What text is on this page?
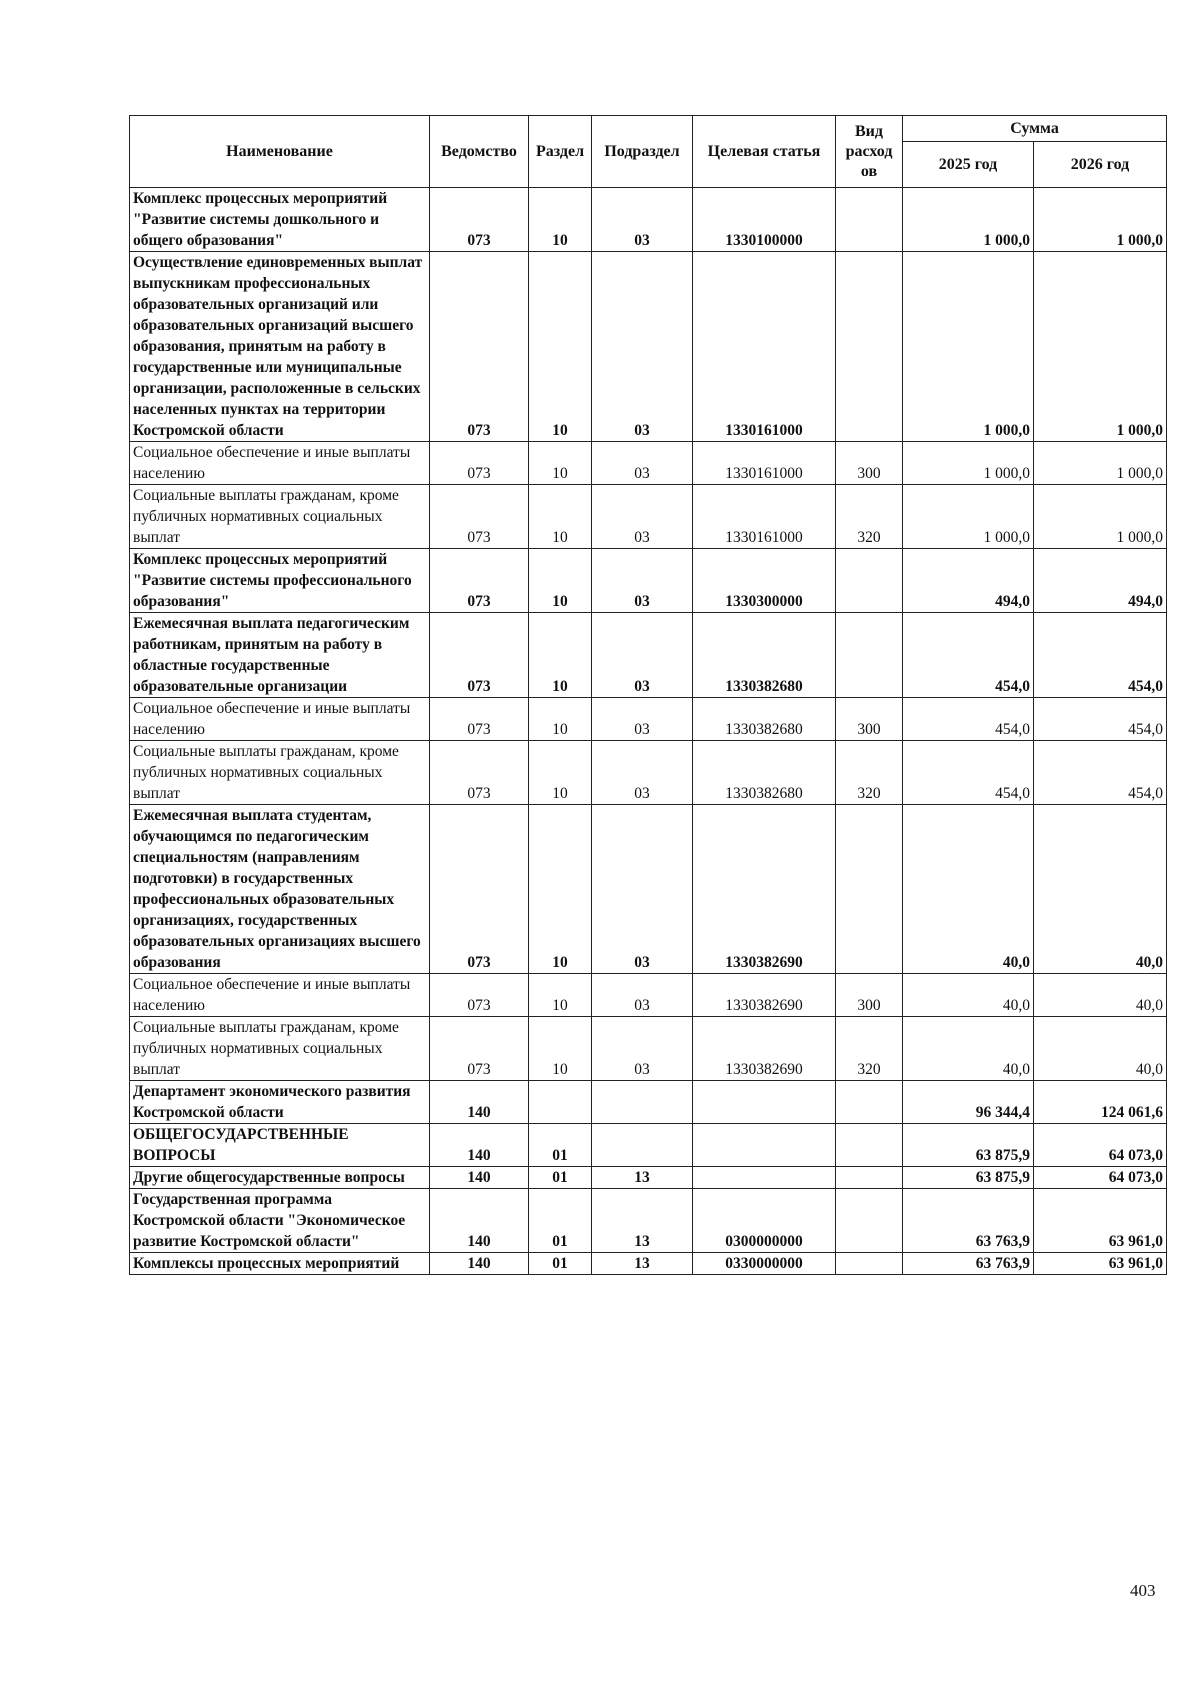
Наименование	Ведомство	Раздел	Подраздел	Целевая статья	Вид расход ов	Сумма	
						2025 год	2026 год
Комплекс процессных мероприятий "Развитие системы дошкольного и общего образования"	073	10	03	1330100000		1 000,0	1 000,0
Осуществление единовременных выплат выпускникам профессиональных образовательных организаций или образовательных организаций высшего образования, принятым на работу в государственные или муниципальные организации, расположенные в сельских населенных пунктах на территории Костромской области	073	10	03	1330161000		1 000,0	1 000,0
Социальное обеспечение и иные выплаты населению	073	10	03	1330161000	300	1 000,0	1 000,0
Социальные выплаты гражданам, кроме публичных нормативных социальных выплат	073	10	03	1330161000	320	1 000,0	1 000,0
Комплекс процессных мероприятий "Развитие системы профессионального образования"	073	10	03	1330300000		494,0	494,0
Ежемесячная выплата педагогическим работникам, принятым на работу в областные государственные образовательные организации	073	10	03	1330382680		454,0	454,0
Социальное обеспечение и иные выплаты населению	073	10	03	1330382680	300	454,0	454,0
Социальные выплаты гражданам, кроме публичных нормативных социальных выплат	073	10	03	1330382680	320	454,0	454,0
Ежемесячная выплата студентам, обучающимся по педагогическим специальностям (направлениям подготовки) в государственных профессиональных образовательных организациях, государственных образовательных организациях высшего образования	073	10	03	1330382690		40,0	40,0
Социальное обеспечение и иные выплаты населению	073	10	03	1330382690	300	40,0	40,0
Социальные выплаты гражданам, кроме публичных нормативных социальных выплат	073	10	03	1330382690	320	40,0	40,0
Департамент экономического развития Костромской области	140					96 344,4	124 061,6
ОБЩЕГОСУДАРСТВЕННЫЕ ВОПРОСЫ	140	01				63 875,9	64 073,0
Другие общегосударственные вопросы	140	01	13			63 875,9	64 073,0
Государственная программа Костромской области "Экономическое развитие Костромской области"	140	01	13	0300000000		63 763,9	63 961,0
Комплексы процессных мероприятий	140	01	13	0330000000		63 763,9	63 961,0
403
